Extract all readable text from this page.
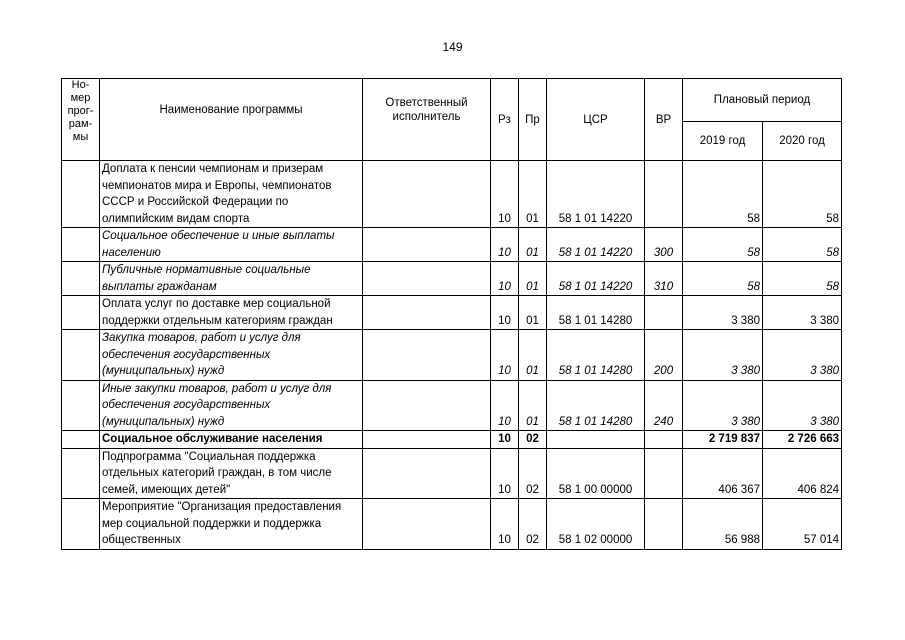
149
Но-
мер
прог-
рам-
мы	Наименование программы	Ответственный исполнитель	Рз	Пр	ЦСР	ВР	Плановый период	
							2019 год	2020 год
	Доплата к пенсии чемпионам и призерам чемпионатов мира и Европы, чемпионатов СССР и Российской Федерации по олимпийским видам спорта		10	01	58 1 01 14220		58	58
	Социальное обеспечение и иные выплаты населению		10	01	58 1 01 14220	300	58	58
	Публичные нормативные социальные выплаты гражданам		10	01	58 1 01 14220	310	58	58
	Оплата услуг по доставке мер социальной поддержки отдельным категориям граждан		10	01	58 1 01 14280		3 380	3 380
	Закупка товаров, работ и услуг для обеспечения государственных (муниципальных) нужд		10	01	58 1 01 14280	200	3 380	3 380
	Иные закупки товаров, работ и услуг для обеспечения государственных (муниципальных) нужд		10	01	58 1 01 14280	240	3 380	3 380
	Социальное обслуживание населения		10	02			2 719 837	2 726 663
	Подпрограмма "Социальная поддержка отдельных категорий граждан, в том числе семей, имеющих детей"		10	02	58 1 00 00000		406 367	406 824
	Мероприятие "Организация предоставления мер социальной поддержки и поддержка общественных		10	02	58 1 02 00000		56 988	57 014
